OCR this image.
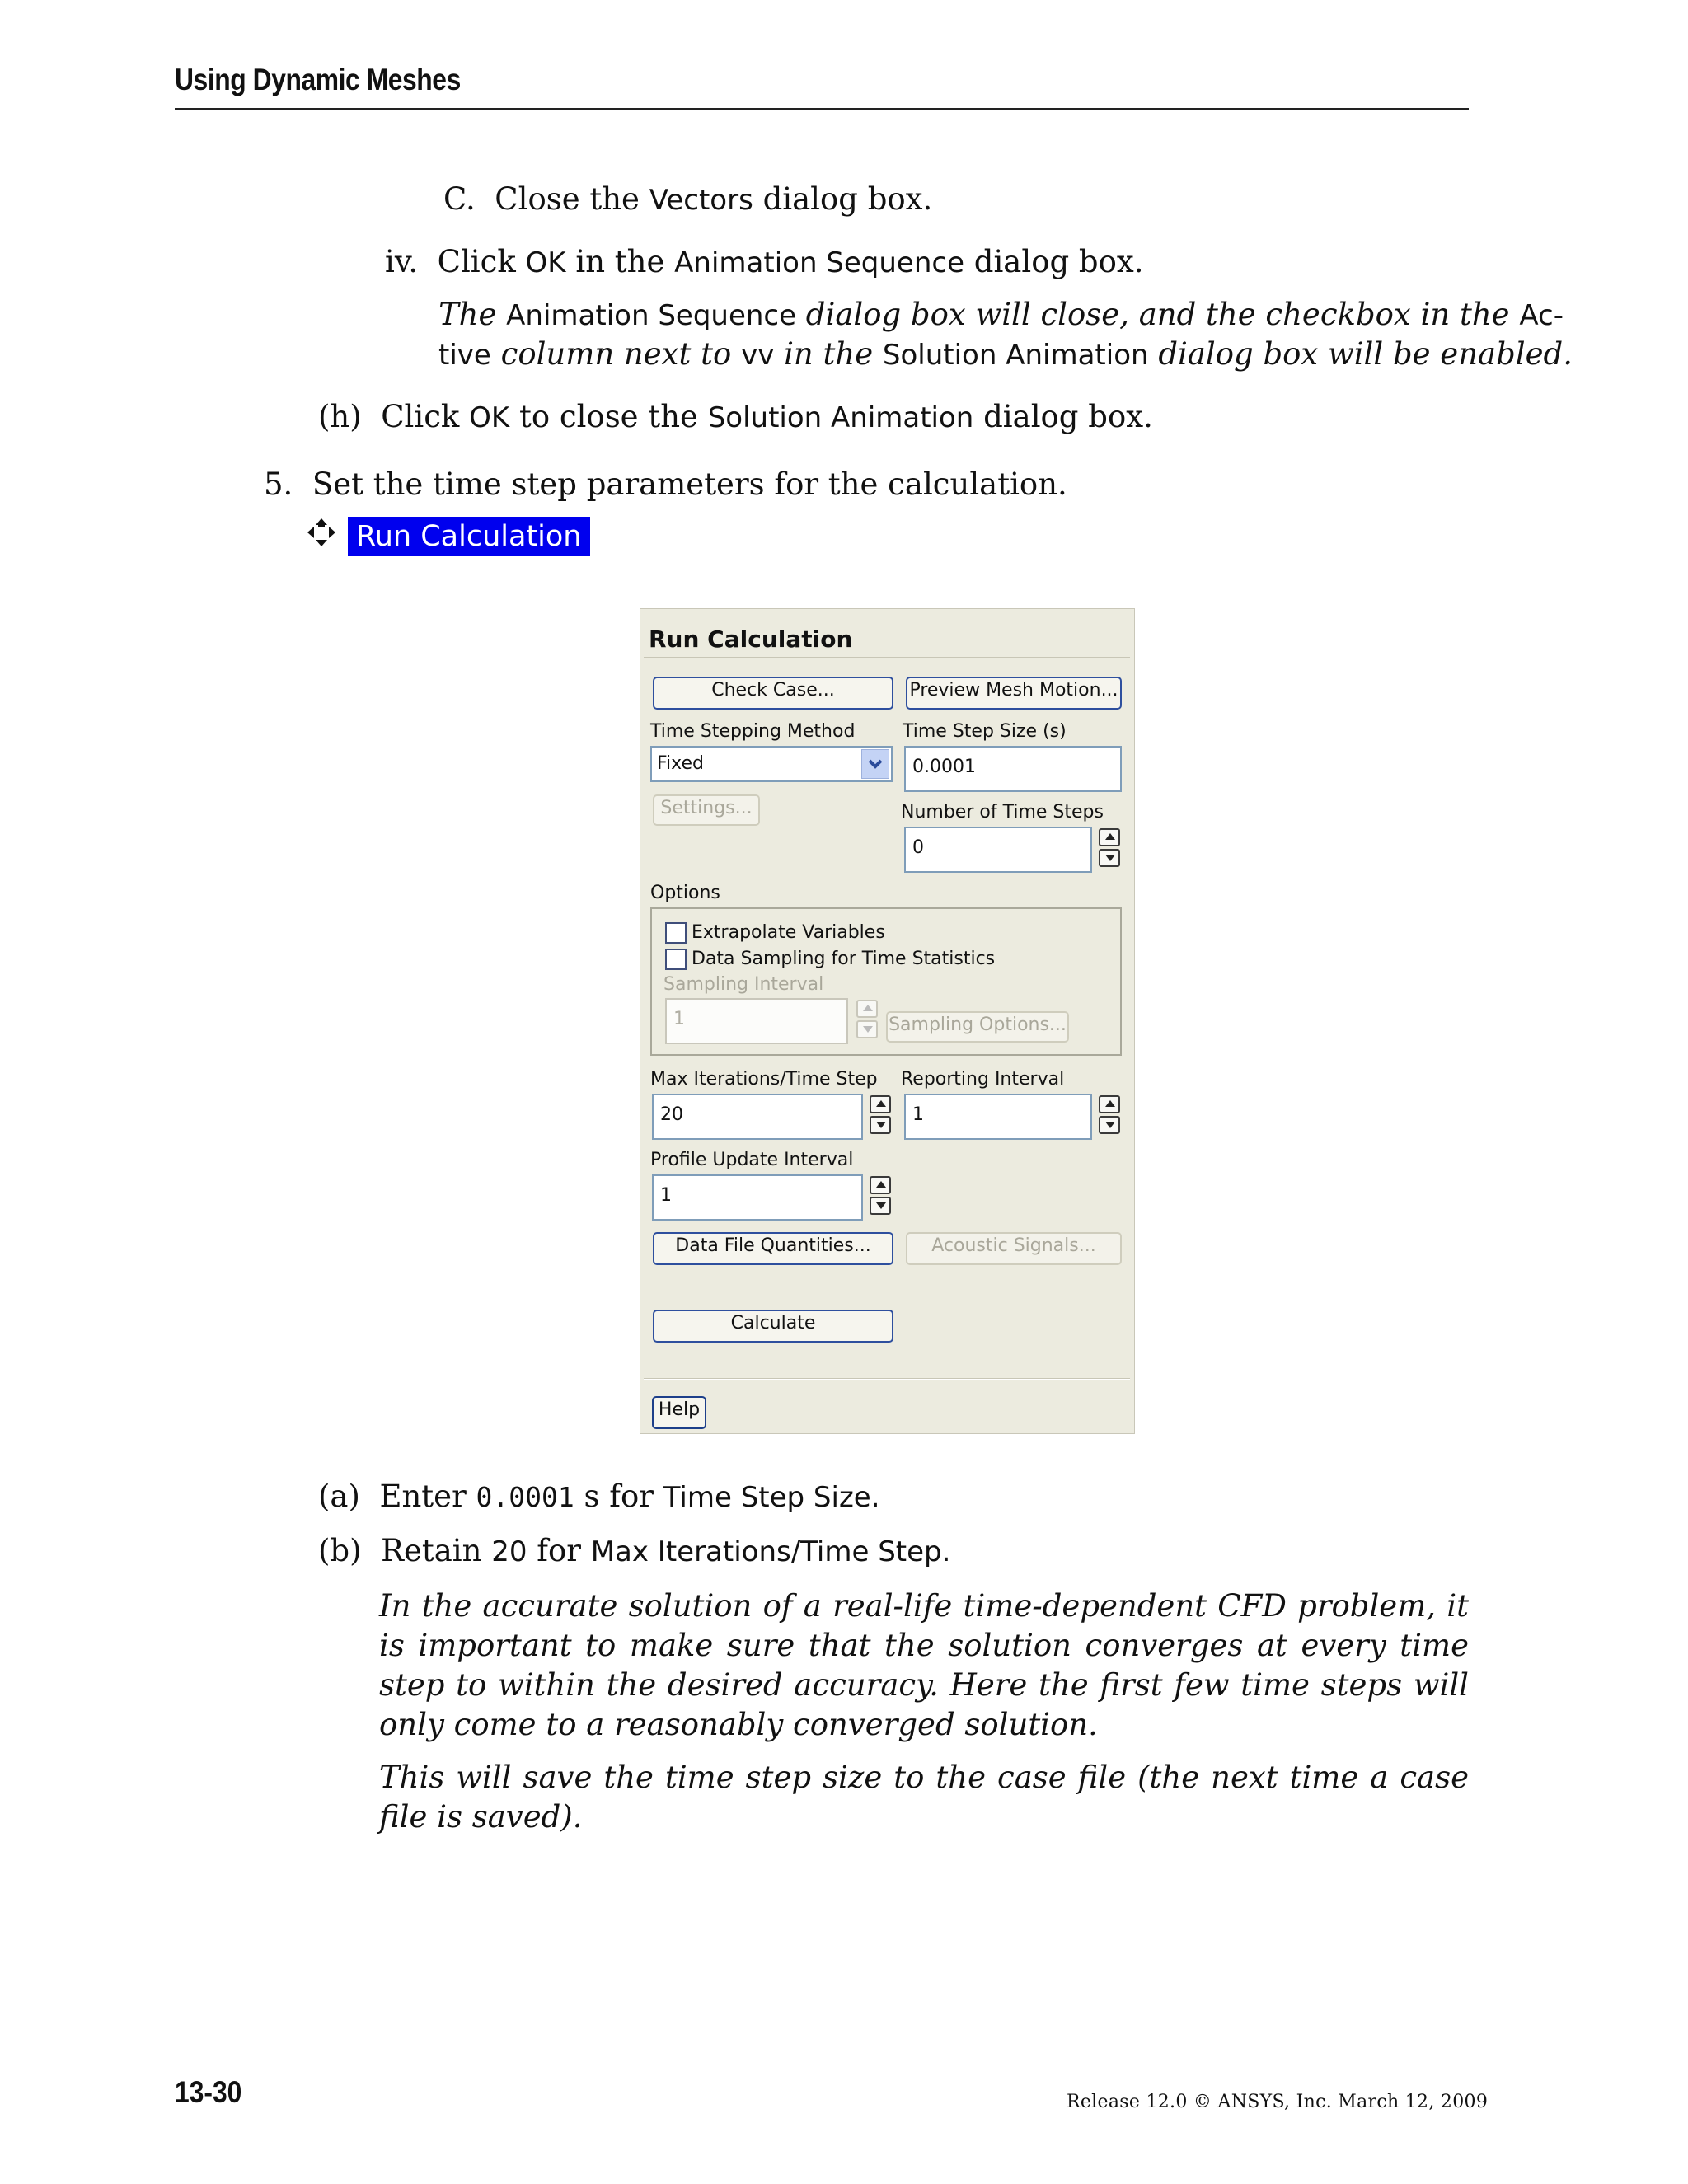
Using Dynamic Meshes
C. Close the Vectors dialog box.
iv. Click OK in the Animation Sequence dialog box.
The Animation Sequence dialog box will close, and the checkbox in the Ac-
tive column next to vv in the Solution Animation dialog box will be enabled.
(h) Click OK to close the Solution Animation dialog box.
5. Set the time step parameters for the calculation.
Run Calculation
Run Calculation
Check Case...	Preview Mesh Motion...
Time Stepping Method	Time Step Size (s)
Fixed	0.0001
Settings...	Number of Time Steps
0
Options
Extrapolate Variables
Data Sampling for Time Statistics
Sampling Interval
1	Sampling Options...
Max Iterations/Time Step Reporting Interval
20	1
Profile Update Interval
1
Data File Quantities...	Acoustic Signals...
Calculate
Help
(a) Enter 0.0001 s for Time Step Size.
(b) Retain 20 for Max Iterations/Time Step.
In the accurate solution of a real-life time-dependent CFD problem, it is important to make sure that the solution converges at every time step to within the desired accuracy. Here the first few time steps will only come to a reasonably converged solution.
This will save the time step size to the case file (the next time a case file is saved).
13-30	Release 12.0 © ANSYS, Inc. March 12, 2009
